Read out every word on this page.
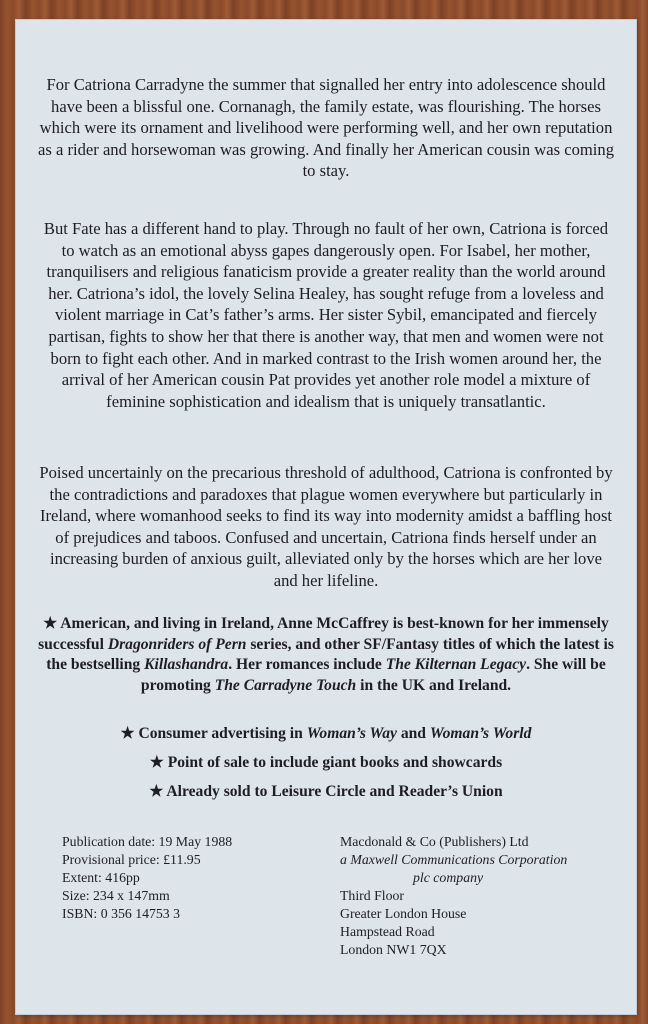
For Catriona Carradyne the summer that signalled her entry into adolescence should have been a blissful one. Cornanagh, the family estate, was flourishing. The horses which were its ornament and livelihood were performing well, and her own reputation as a rider and horsewoman was growing. And finally her American cousin was coming to stay.
But Fate has a different hand to play. Through no fault of her own, Catriona is forced to watch as an emotional abyss gapes dangerously open. For Isabel, her mother, tranquilisers and religious fanaticism provide a greater reality than the world around her. Catriona’s idol, the lovely Selina Healey, has sought refuge from a loveless and violent marriage in Cat’s father’s arms. Her sister Sybil, emancipated and fiercely partisan, fights to show her that there is another way, that men and women were not born to fight each other. And in marked contrast to the Irish women around her, the arrival of her American cousin Pat provides yet another role model a mixture of feminine sophistication and idealism that is uniquely transatlantic.
Poised uncertainly on the precarious threshold of adulthood, Catriona is confronted by the contradictions and paradoxes that plague women everywhere but particularly in Ireland, where womanhood seeks to find its way into modernity amidst a baffling host of prejudices and taboos. Confused and uncertain, Catriona finds herself under an increasing burden of anxious guilt, alleviated only by the horses which are her love and her lifeline.
★ American, and living in Ireland, Anne McCaffrey is best-known for her immensely successful Dragonriders of Pern series, and other SF/Fantasy titles of which the latest is the bestselling Killashandra. Her romances include The Kilternan Legacy. She will be promoting The Carradyne Touch in the UK and Ireland.
★ Consumer advertising in Woman’s Way and Woman’s World
★ Point of sale to include giant books and showcards
★ Already sold to Leisure Circle and Reader’s Union
Publication date: 19 May 1988
Provisional price: £11.95
Extent: 416pp
Size: 234 x 147mm
ISBN: 0 356 14753 3
Macdonald & Co (Publishers) Ltd
a Maxwell Communications Corporation
plc company
Third Floor
Greater London House
Hampstead Road
London NW1 7QX
